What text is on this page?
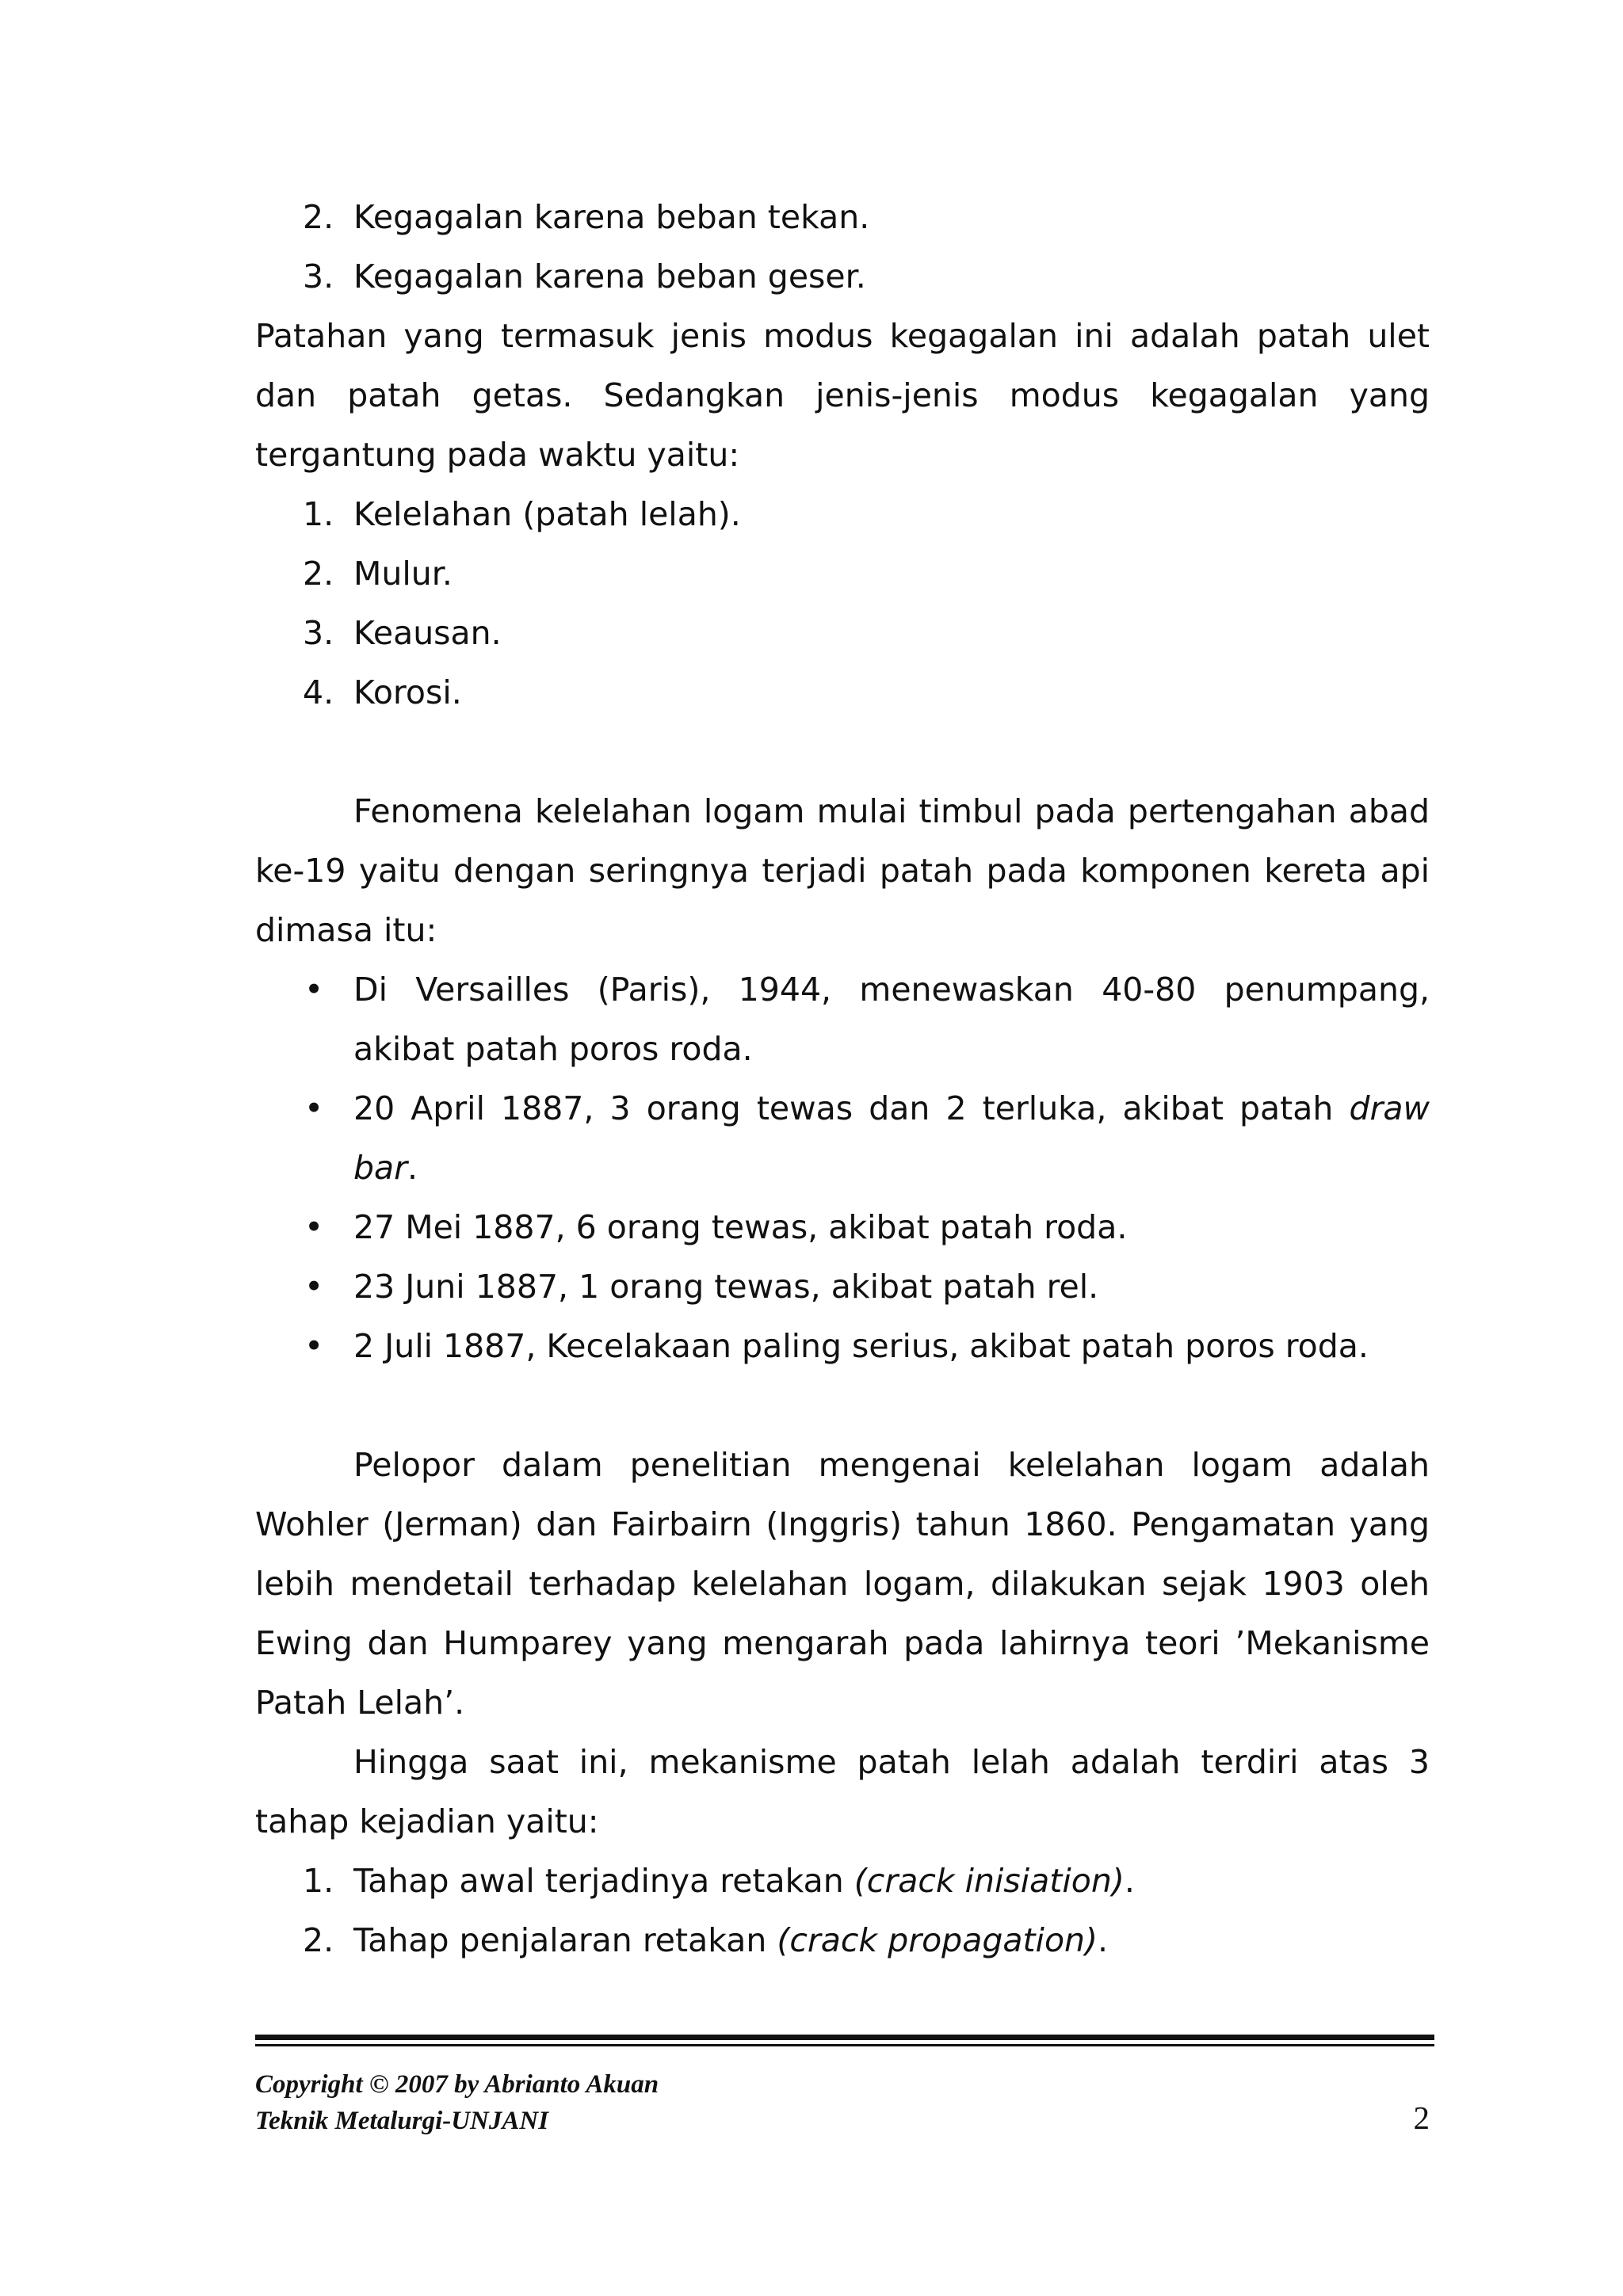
2. Kegagalan karena beban tekan.
3. Kegagalan karena beban geser.

Patahan yang termasuk jenis modus kegagalan ini adalah patah ulet dan patah getas. Sedangkan jenis-jenis modus kegagalan yang tergantung pada waktu yaitu:

1. Kelelahan (patah lelah).
2. Mulur.
3. Keausan.
4. Korosi.

Fenomena kelelahan logam mulai timbul pada pertengahan abad ke-19 yaitu dengan seringnya terjadi patah pada komponen kereta api dimasa itu:

• Di Versailles (Paris), 1944, menewaskan 40-80 penumpang, akibat patah poros roda.
• 20 April 1887, 3 orang tewas dan 2 terluka, akibat patah draw bar.
• 27 Mei 1887, 6 orang tewas, akibat patah roda.
• 23 Juni 1887, 1 orang tewas, akibat patah rel.
• 2 Juli 1887, Kecelakaan paling serius, akibat patah poros roda.

Pelopor dalam penelitian mengenai kelelahan logam adalah Wohler (Jerman) dan Fairbairn (Inggris) tahun 1860. Pengamatan yang lebih mendetail terhadap kelelahan logam, dilakukan sejak 1903 oleh Ewing dan Humparey yang mengarah pada lahirnya teori ’Mekanisme Patah Lelah’.

Hingga saat ini, mekanisme patah lelah adalah terdiri atas 3 tahap kejadian yaitu:

1. Tahap awal terjadinya retakan (crack inisiation).
2. Tahap penjalaran retakan (crack propagation).
Copyright © 2007 by Abrianto Akuan
Teknik Metalurgi-UNJANI	2
